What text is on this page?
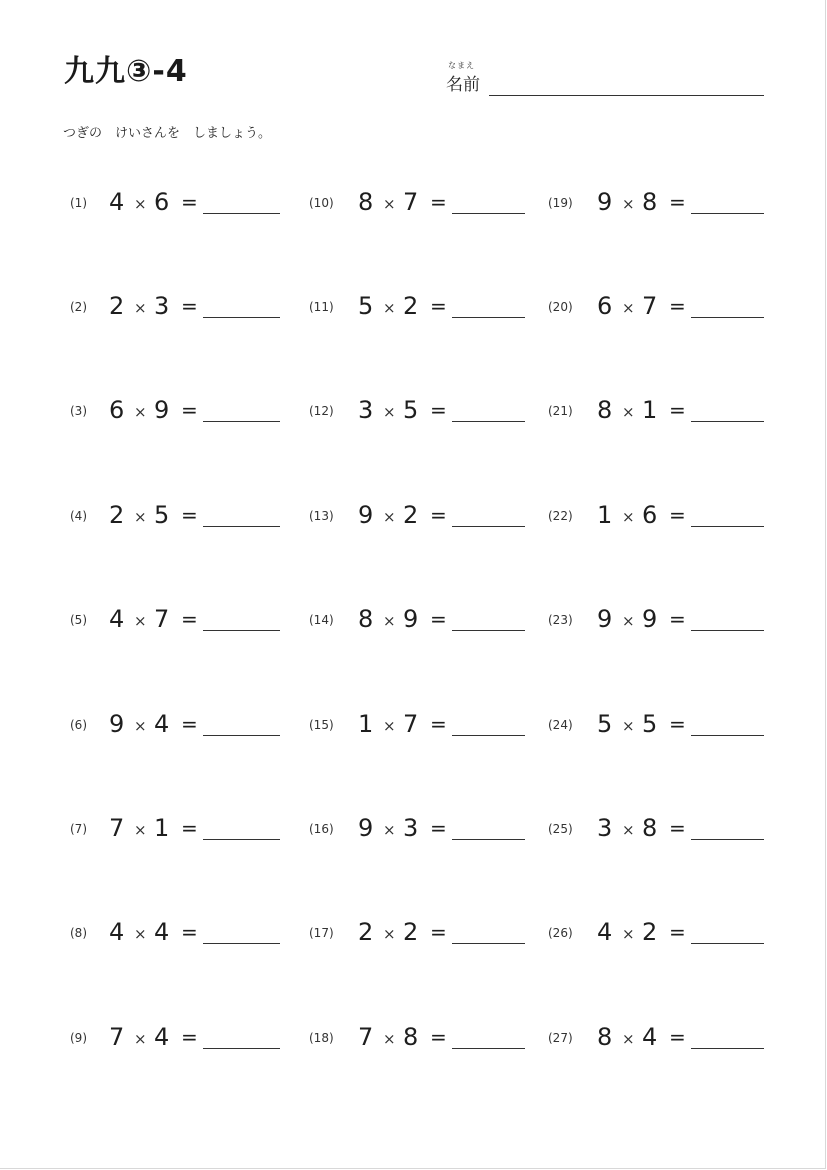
九九③-4	なまえ
名前
つぎの　けいさんを　しましょう。
(1) 4 × 6 =
(2) 2 × 3 =
(3) 6 × 9 =
(4) 2 × 5 =
(5) 4 × 7 =
(6) 9 × 4 =
(7) 7 × 1 =
(8) 4 × 4 =
(9) 7 × 4 =
(10) 8 × 7 =
(11) 5 × 2 =
(12) 3 × 5 =
(13) 9 × 2 =
(14) 8 × 9 =
(15) 1 × 7 =
(16) 9 × 3 =
(17) 2 × 2 =
(18) 7 × 8 =
(19) 9 × 8 =
(20) 6 × 7 =
(21) 8 × 1 =
(22) 1 × 6 =
(23) 9 × 9 =
(24) 5 × 5 =
(25) 3 × 8 =
(26) 4 × 2 =
(27) 8 × 4 =
